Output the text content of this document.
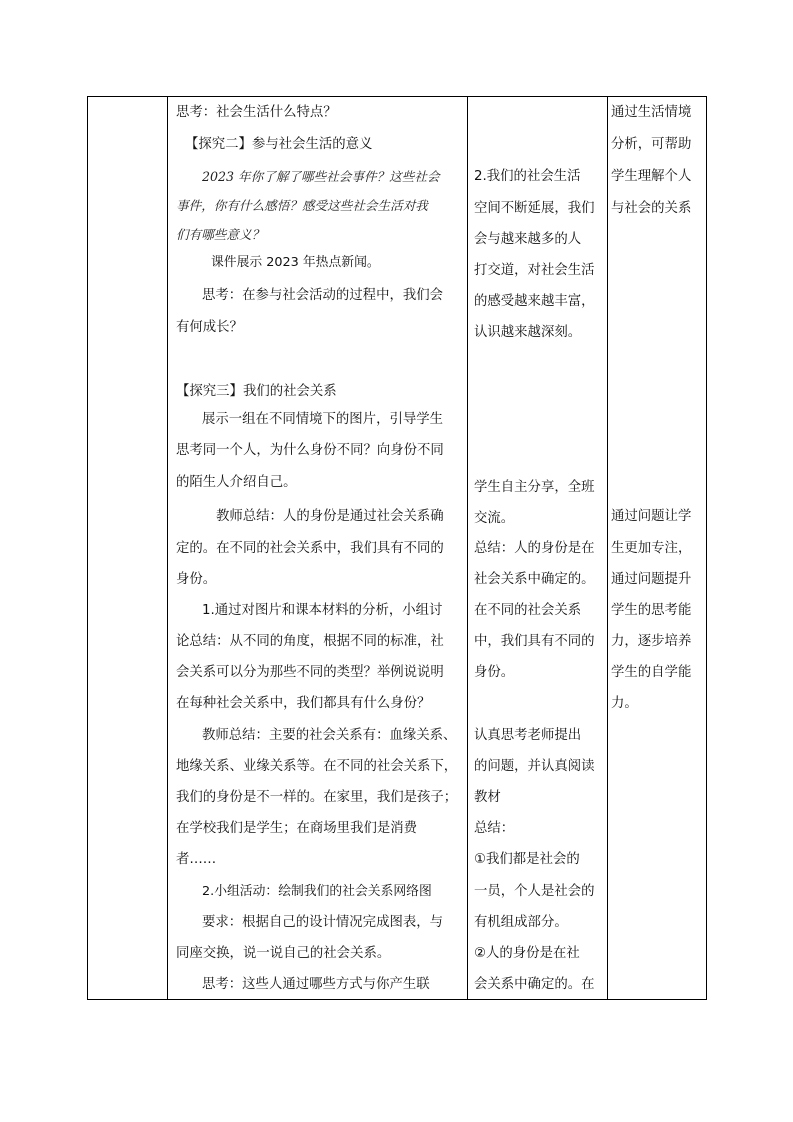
思考：社会生活什么特点？
【探究二】参与社会生活的意义
2023 年你了解了哪些社会事件？这些社会
事件，你有什么感悟？感受这些社会生活对我
们有哪些意义？
课件展示 2023 年热点新闻。
思考：在参与社会活动的过程中，我们会
有何成长？
【探究三】我们的社会关系
展示一组在不同情境下的图片，引导学生
思考同一个人，为什么身份不同？向身份不同
的陌生人介绍自己。
教师总结：人的身份是通过社会关系确
定的。在不同的社会关系中，我们具有不同的
身份。
1.通过对图片和课本材料的分析，小组讨
论总结：从不同的角度，根据不同的标准，社
会关系可以分为那些不同的类型？举例说说明
在每种社会关系中，我们都具有什么身份？
教师总结：主要的社会关系有：血缘关系、
地缘关系、业缘关系等。在不同的社会关系下，
我们的身份是不一样的。在家里，我们是孩子；
在学校我们是学生；在商场里我们是消费
者……
2.小组活动：绘制我们的社会关系网络图
要求：根据自己的设计情况完成图表，与
同座交换，说一说自己的社会关系。
思考：这些人通过哪些方式与你产生联
2.我们的社会生活
空间不断延展，我们
会与越来越多的人
打交道，对社会生活
的感受越来越丰富，
认识越来越深刻。
学生自主分享，全班
交流。
总结：人的身份是在
社会关系中确定的。
在不同的社会关系
中，我们具有不同的
身份。
认真思考老师提出
的问题，并认真阅读
教材
总结：
①我们都是社会的
一员，个人是社会的
有机组成部分。
②人的身份是在社
会关系中确定的。在
通过生活情境
分析，可帮助
学生理解个人
与社会的关系
通过问题让学
生更加专注，
通过问题提升
学生的思考能
力，逐步培养
学生的自学能
力。
